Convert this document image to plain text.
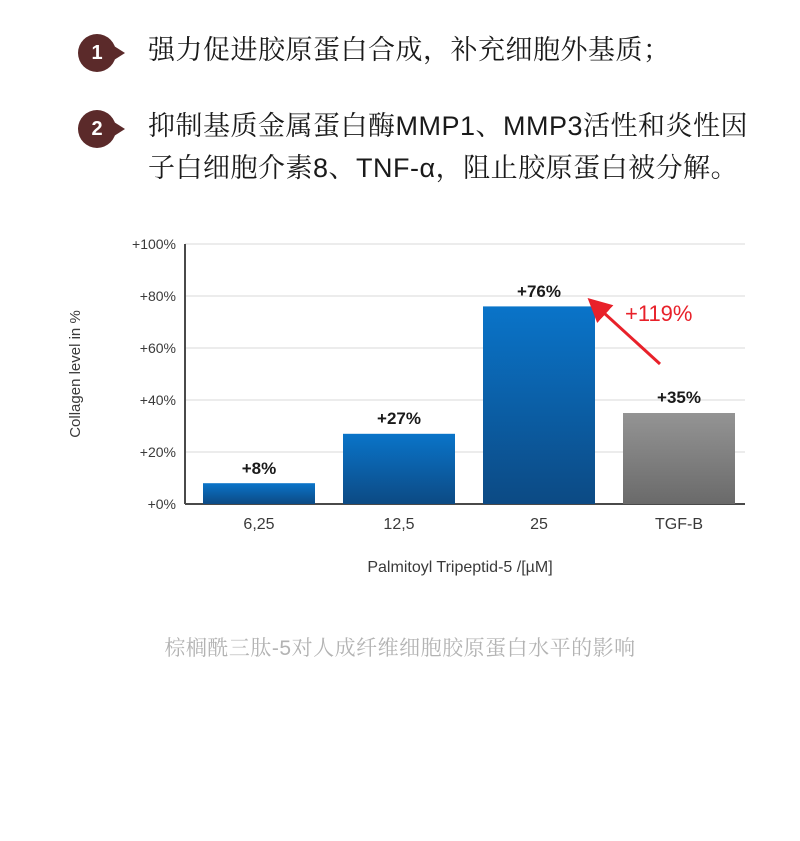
1 强力促进胶原蛋白合成，补充细胞外基质；
2 抑制基质金属蛋白酶MMP1、MMP3活性和炎性因子白细胞介素8、TNF-α，阻止胶原蛋白被分解。
+100%
+80%
+60%
+40%
+20%
+0%
Collagen level in %
+8%
+27%
+76%
+35%
+119%
6,25	12,5	25	TGF-B
Palmitoyl Tripeptid-5 /[µM]
棕榈酰三肽-5对人成纤维细胞胶原蛋白水平的影响
